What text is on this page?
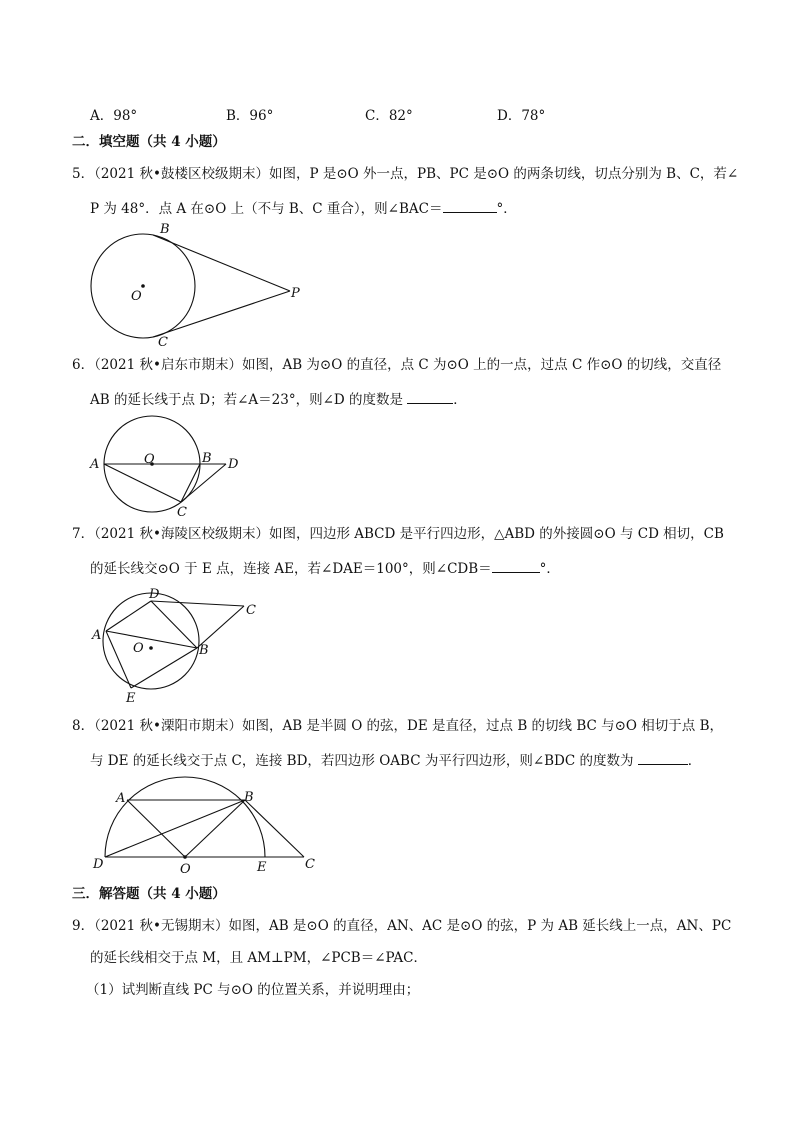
A．98°	B．96°	C．82°	D．78°
二．填空题（共 4 小题）
5．（2021 秋•鼓楼区校级期末）如图，P 是⊙O 外一点，PB、PC 是⊙O 的两条切线，切点分别为 B、C，若∠
P 为 48°．点 A 在⊙O 上（不与 B、C 重合），则∠BAC＝	°．
B
O	P
C
6．（2021 秋•启东市期末）如图，AB 为⊙O 的直径，点 C 为⊙O 上的一点，过点 C 作⊙O 的切线，交直径
AB 的延长线于点 D；若∠A＝23°，则∠D 的度数是	．
A	O	B D
C
7．（2021 秋•海陵区校级期末）如图，四边形 ABCD 是平行四边形，△ABD 的外接圆⊙O 与 CD 相切，CB
的延长线交⊙O 于 E 点，连接 AE，若∠DAE＝100°，则∠CDB＝	°．
D
C
A
O	B
E
8．（2021 秋•溧阳市期末）如图，AB 是半圆 O 的弦，DE 是直径，过点 B 的切线 BC 与⊙O 相切于点 B，
与 DE 的延长线交于点 C，连接 BD，若四边形 OABC 为平行四边形，则∠BDC 的度数为	．
A	B
D	O	E	C
三．解答题（共 4 小题）
9．（2021 秋•无锡期末）如图，AB 是⊙O 的直径，AN、AC 是⊙O 的弦，P 为 AB 延长线上一点，AN、PC
的延长线相交于点 M，且 AM⊥PM，∠PCB＝∠PAC．
（1）试判断直线 PC 与⊙O 的位置关系，并说明理由；
